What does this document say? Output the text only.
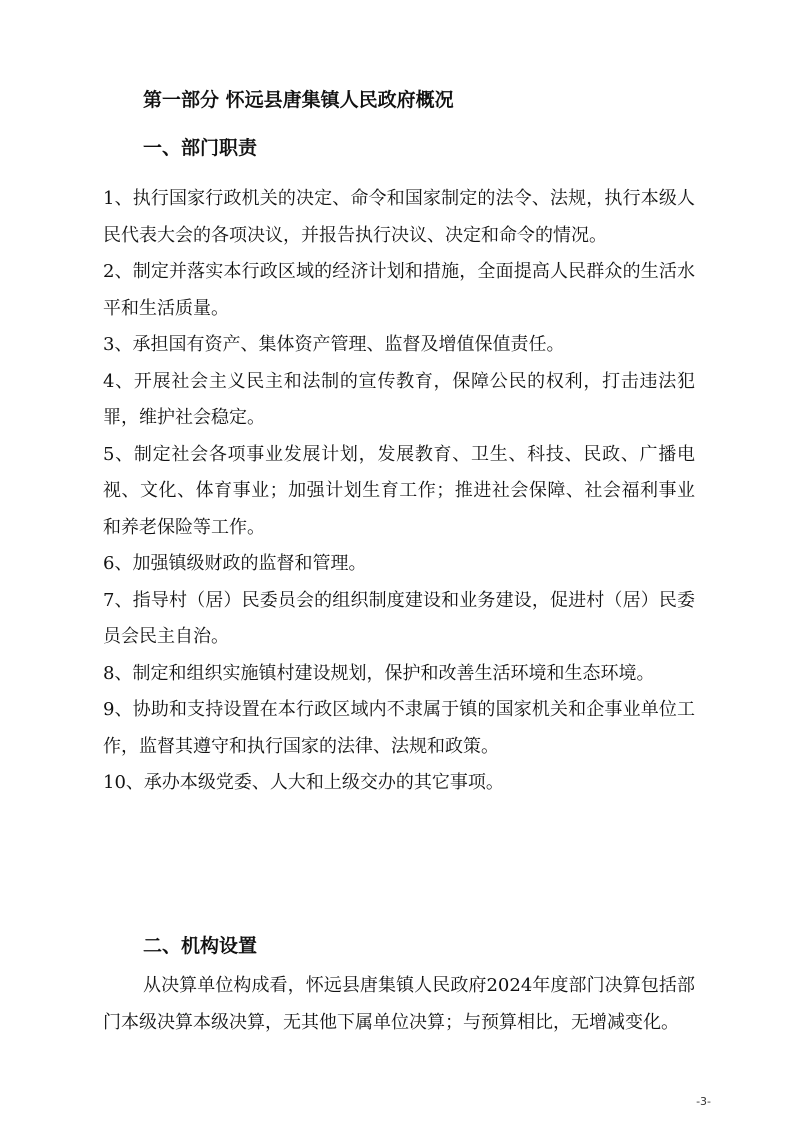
第一部分 怀远县唐集镇人民政府概况
一、部门职责
1、执行国家行政机关的决定、命令和国家制定的法令、法规，执行本级人民代表大会的各项决议，并报告执行决议、决定和命令的情况。
2、制定并落实本行政区域的经济计划和措施，全面提高人民群众的生活水平和生活质量。
3、承担国有资产、集体资产管理、监督及增值保值责任。
4、开展社会主义民主和法制的宣传教育，保障公民的权利，打击违法犯罪，维护社会稳定。
5、制定社会各项事业发展计划，发展教育、卫生、科技、民政、广播电视、文化、体育事业；加强计划生育工作；推进社会保障、社会福利事业和养老保险等工作。
6、加强镇级财政的监督和管理。
7、指导村（居）民委员会的组织制度建设和业务建设，促进村（居）民委员会民主自治。
8、制定和组织实施镇村建设规划，保护和改善生活环境和生态环境。
9、协助和支持设置在本行政区域内不隶属于镇的国家机关和企事业单位工作，监督其遵守和执行国家的法律、法规和政策。
10、承办本级党委、人大和上级交办的其它事项。
二、机构设置

从决算单位构成看，怀远县唐集镇人民政府2024年度部门决算包括部门本级决算本级决算，无其他下属单位决算；与预算相比，无增减变化。

-3-
